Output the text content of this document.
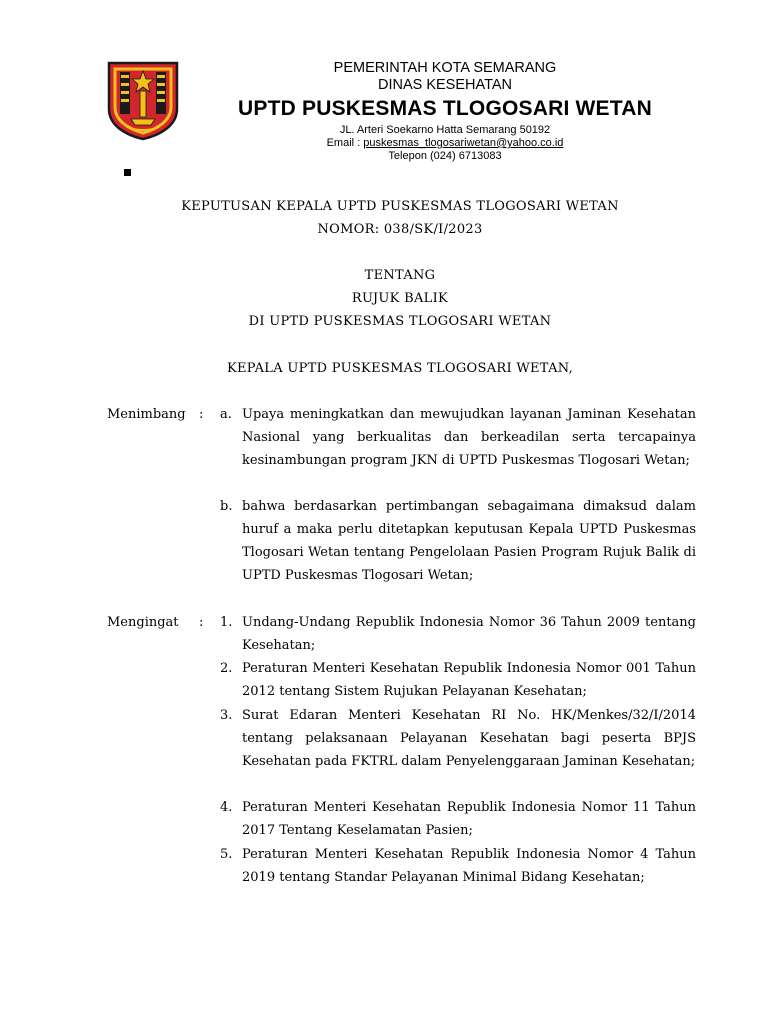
PEMERINTAH KOTA SEMARANG
DINAS KESEHATAN
UPTD PUSKESMAS TLOGOSARI WETAN
JL. Arteri Soekarno Hatta Semarang 50192
Email : puskesmas_tlogosariwetan@yahoo.co.id
Telepon (024) 6713083
KEPUTUSAN KEPALA UPTD PUSKESMAS TLOGOSARI WETAN
NOMOR: 038/SK/I/2023
TENTANG
RUJUK BALIK
DI UPTD PUSKESMAS TLOGOSARI WETAN
KEPALA UPTD PUSKESMAS TLOGOSARI WETAN,
Menimbang : a. Upaya meningkatkan dan mewujudkan layanan Jaminan Kesehatan Nasional yang berkualitas dan berkeadilan serta tercapainya kesinambungan program JKN di UPTD Puskesmas Tlogosari Wetan;
b. bahwa berdasarkan pertimbangan sebagaimana dimaksud dalam huruf a maka perlu ditetapkan keputusan Kepala UPTD Puskesmas Tlogosari Wetan tentang Pengelolaan Pasien Program Rujuk Balik di UPTD Puskesmas Tlogosari Wetan;
Mengingat : 1. Undang-Undang Republik Indonesia Nomor 36 Tahun 2009 tentang Kesehatan;
2. Peraturan Menteri Kesehatan Republik Indonesia Nomor 001 Tahun 2012 tentang Sistem Rujukan Pelayanan Kesehatan;
3. Surat Edaran Menteri Kesehatan RI No. HK/Menkes/32/I/2014 tentang pelaksanaan Pelayanan Kesehatan bagi peserta BPJS Kesehatan pada FKTRL dalam Penyelenggaraan Jaminan Kesehatan;
4. Peraturan Menteri Kesehatan Republik Indonesia Nomor 11 Tahun 2017 Tentang Keselamatan Pasien;
5. Peraturan Menteri Kesehatan Republik Indonesia Nomor 4 Tahun 2019 tentang Standar Pelayanan Minimal Bidang Kesehatan;
